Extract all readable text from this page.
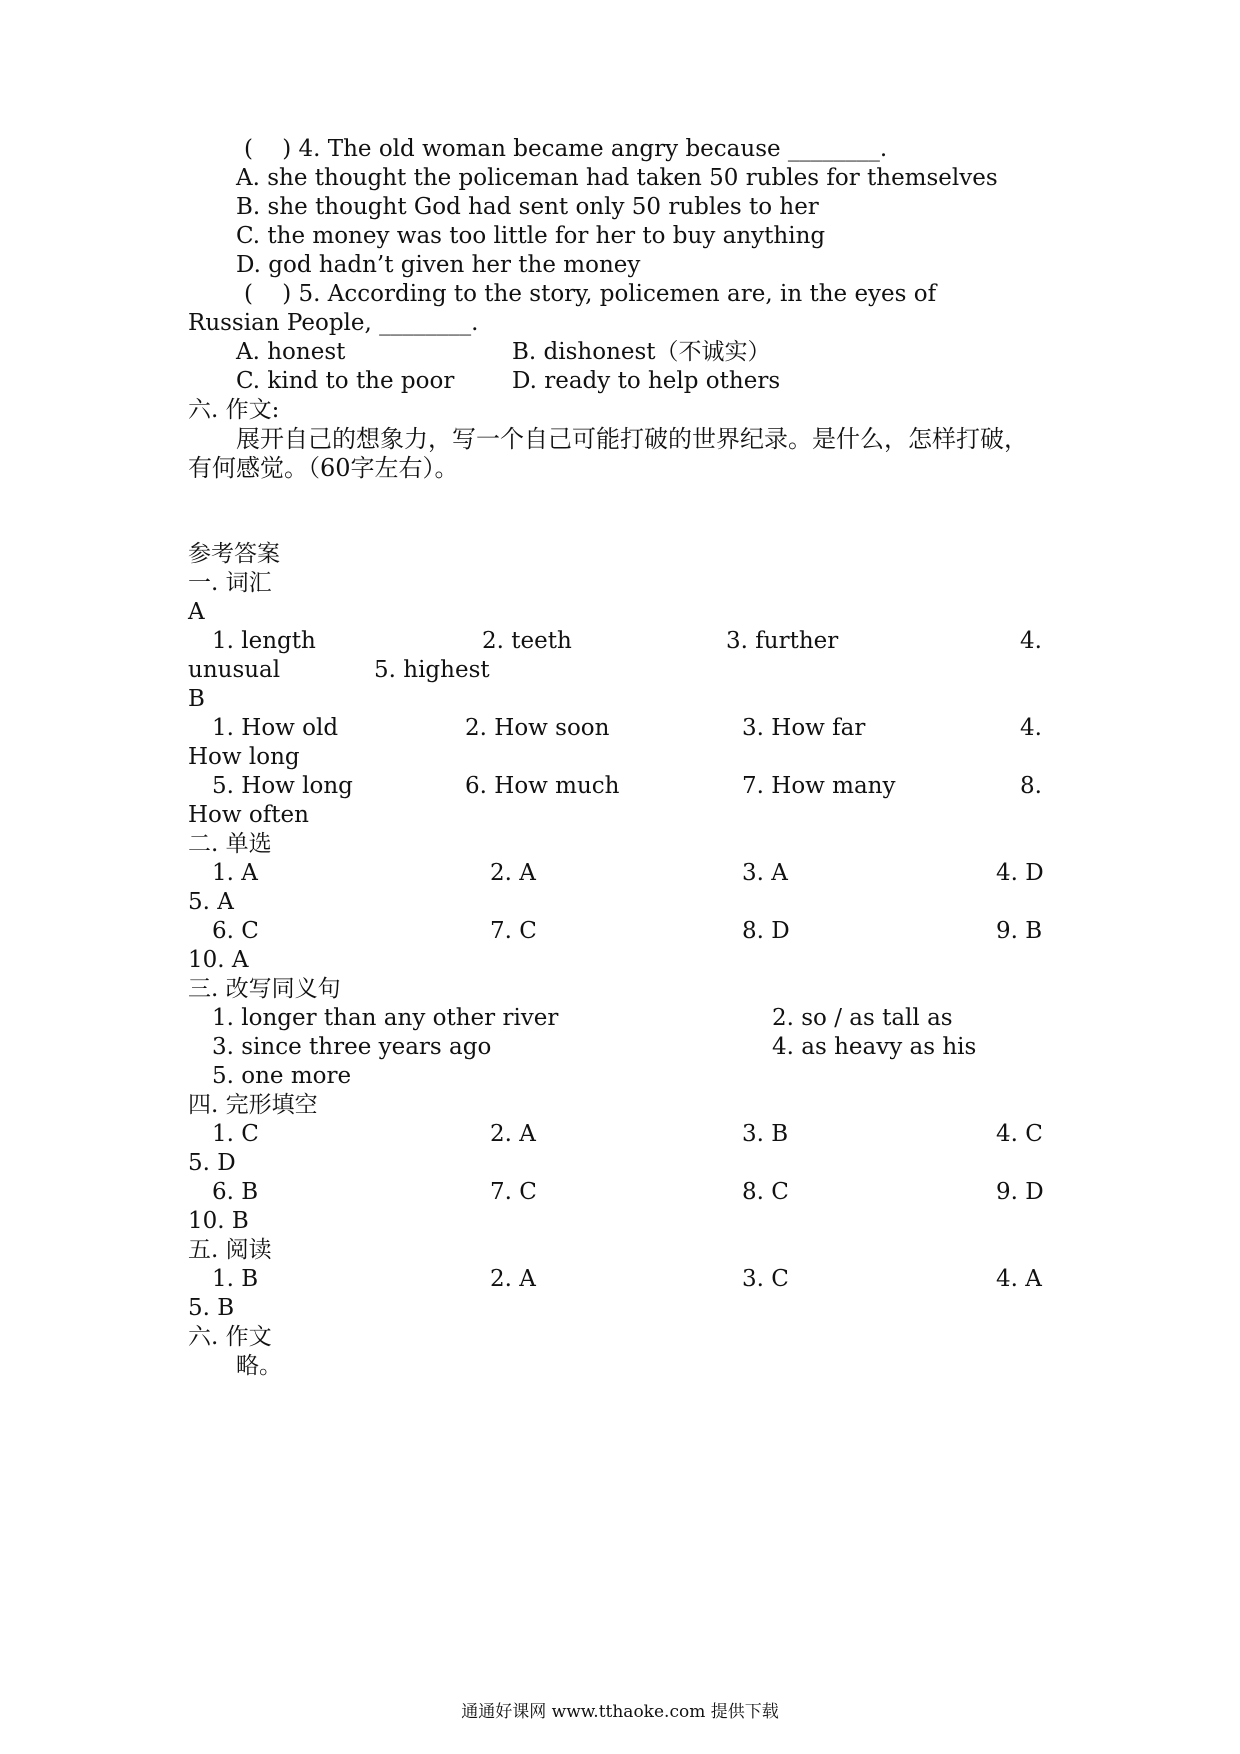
(    ) 4. The old woman became angry because ________.
A. she thought the policeman had taken 50 rubles for themselves
B. she thought God had sent only 50 rubles to her
C. the money was too little for her to buy anything
D. god hadn’t given her the money
(    ) 5. According to the story, policemen are, in the eyes of
Russian People, ________.
A. honest	B. dishonest（不诚实）
C. kind to the poor	D. ready to help others
六. 作文:
展开自己的想象力，写一个自己可能打破的世界纪录。是什么，怎样打破，
有何感觉。（60字左右）。
参考答案
一. 词汇
A
1. length	2. teeth	3. further	4.
unusual	5. highest
B
1. How old	2. How soon	3. How far	4.
How long
5. How long	6. How much	7. How many	8.
How often
二. 单选
1. A	2. A	3. A	4. D
5. A
6. C	7. C	8. D	9. B
10. A
三. 改写同义句
1. longer than any other river	2. so / as tall as
3. since three years ago	4. as heavy as his
5. one more
四. 完形填空
1. C	2. A	3. B	4. C
5. D
6. B	7. C	8. C	9. D
10. B
五. 阅读
1. B	2. A	3. C	4. A
5. B
六. 作文
略。
通通好课网 www.tthaoke.com 提供下载
